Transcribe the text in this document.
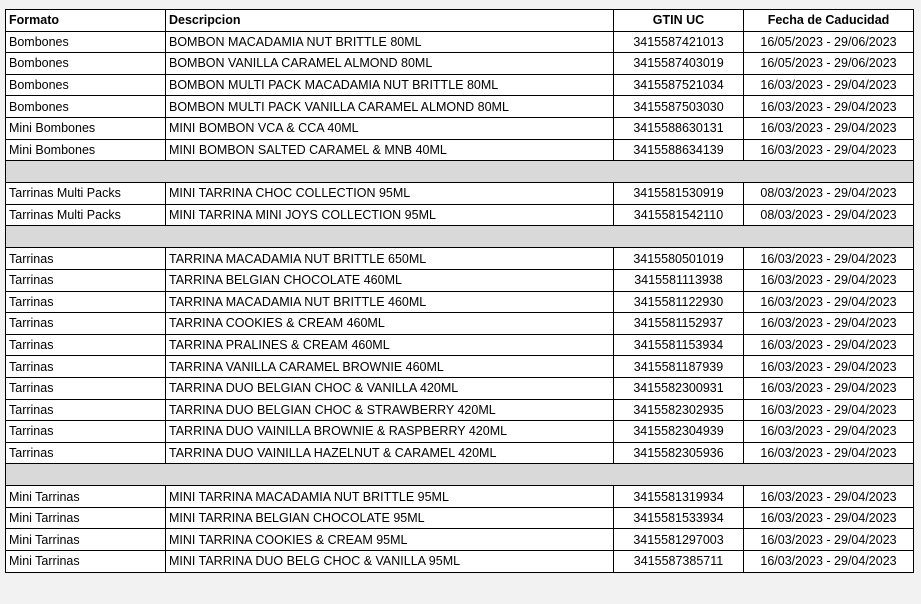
Formato	Descripcion	GTIN UC	Fecha de Caducidad
Bombones	BOMBON MACADAMIA NUT BRITTLE 80ML	3415587421013	16/05/2023 - 29/06/2023
Bombones	BOMBON VANILLA CARAMEL ALMOND 80ML	3415587403019	16/05/2023 - 29/06/2023
Bombones	BOMBON MULTI PACK MACADAMIA NUT BRITTLE 80ML	3415587521034	16/03/2023 - 29/04/2023
Bombones	BOMBON MULTI PACK VANILLA CARAMEL ALMOND 80ML	3415587503030	16/03/2023 - 29/04/2023
Mini Bombones	MINI BOMBON VCA & CCA 40ML	3415588630131	16/03/2023 - 29/04/2023
Mini Bombones	MINI BOMBON SALTED CARAMEL & MNB 40ML	3415588634139	16/03/2023 - 29/04/2023

Tarrinas Multi Packs	MINI TARRINA CHOC COLLECTION 95ML	3415581530919	08/03/2023 - 29/04/2023
Tarrinas Multi Packs	MINI TARRINA MINI JOYS COLLECTION 95ML	3415581542110	08/03/2023 - 29/04/2023

Tarrinas	TARRINA MACADAMIA NUT BRITTLE 650ML	3415580501019	16/03/2023 - 29/04/2023
Tarrinas	TARRINA BELGIAN CHOCOLATE 460ML	3415581113938	16/03/2023 - 29/04/2023
Tarrinas	TARRINA MACADAMIA NUT BRITTLE 460ML	3415581122930	16/03/2023 - 29/04/2023
Tarrinas	TARRINA COOKIES & CREAM 460ML	3415581152937	16/03/2023 - 29/04/2023
Tarrinas	TARRINA PRALINES & CREAM 460ML	3415581153934	16/03/2023 - 29/04/2023
Tarrinas	TARRINA VANILLA CARAMEL BROWNIE 460ML	3415581187939	16/03/2023 - 29/04/2023
Tarrinas	TARRINA DUO BELGIAN CHOC & VANILLA 420ML	3415582300931	16/03/2023 - 29/04/2023
Tarrinas	TARRINA DUO BELGIAN CHOC & STRAWBERRY 420ML	3415582302935	16/03/2023 - 29/04/2023
Tarrinas	TARRINA DUO VAINILLA BROWNIE & RASPBERRY 420ML	3415582304939	16/03/2023 - 29/04/2023
Tarrinas	TARRINA DUO VAINILLA HAZELNUT & CARAMEL 420ML	3415582305936	16/03/2023 - 29/04/2023

Mini Tarrinas	MINI TARRINA MACADAMIA NUT BRITTLE 95ML	3415581319934	16/03/2023 - 29/04/2023
Mini Tarrinas	MINI TARRINA BELGIAN CHOCOLATE 95ML	3415581533934	16/03/2023 - 29/04/2023
Mini Tarrinas	MINI TARRINA COOKIES & CREAM 95ML	3415581297003	16/03/2023 - 29/04/2023
Mini Tarrinas	MINI TARRINA DUO BELG CHOC & VANILLA 95ML	3415587385711	16/03/2023 - 29/04/2023
